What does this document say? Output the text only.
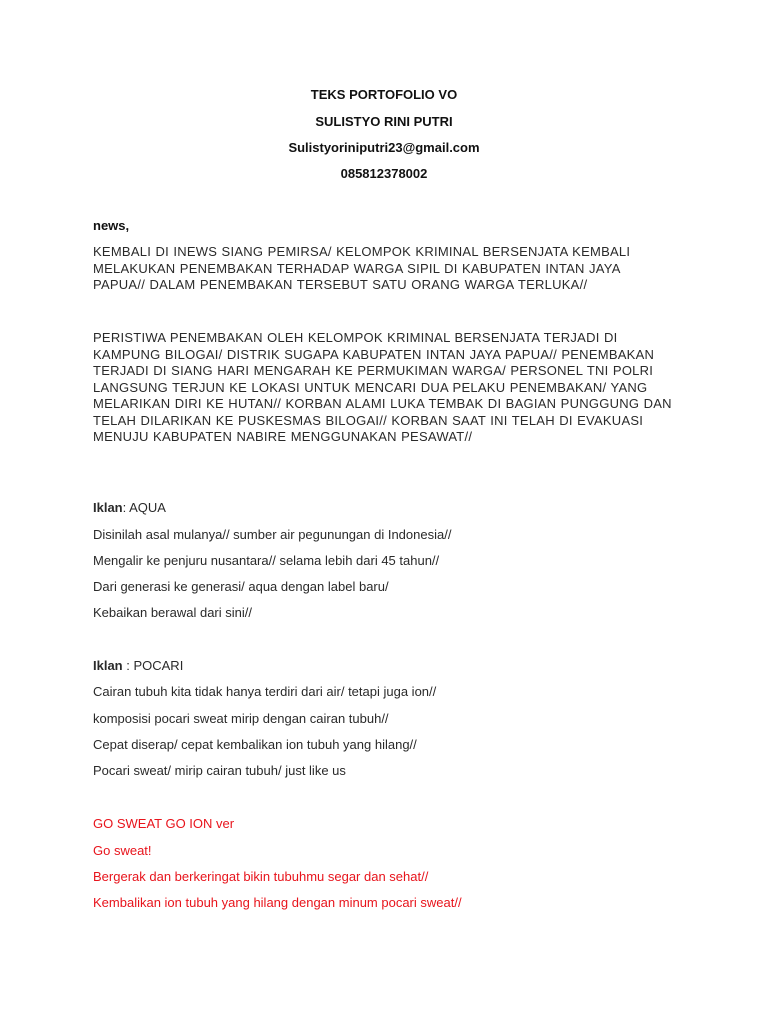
TEKS PORTOFOLIO VO
SULISTYO RINI PUTRI
Sulistyoriniputri23@gmail.com
085812378002
news,
KEMBALI DI INEWS SIANG PEMIRSA/ KELOMPOK KRIMINAL BERSENJATA KEMBALI MELAKUKAN PENEMBAKAN TERHADAP WARGA SIPIL DI KABUPATEN INTAN JAYA PAPUA// DALAM PENEMBAKAN TERSEBUT SATU ORANG WARGA TERLUKA//
PERISTIWA PENEMBAKAN OLEH KELOMPOK KRIMINAL BERSENJATA TERJADI DI KAMPUNG BILOGAI/ DISTRIK SUGAPA KABUPATEN INTAN JAYA PAPUA// PENEMBAKAN TERJADI DI SIANG HARI MENGARAH KE PERMUKIMAN WARGA/ PERSONEL TNI POLRI LANGSUNG TERJUN KE LOKASI UNTUK MENCARI DUA PELAKU PENEMBAKAN/ YANG MELARIKAN DIRI KE HUTAN// KORBAN ALAMI LUKA TEMBAK DI BAGIAN PUNGGUNG DAN TELAH DILARIKAN KE PUSKESMAS BILOGAI// KORBAN SAAT INI TELAH DI EVAKUASI MENUJU KABUPATEN NABIRE MENGGUNAKAN PESAWAT//
Iklan: AQUA
Disinilah asal mulanya// sumber air pegunungan di Indonesia//
Mengalir ke penjuru nusantara// selama lebih dari 45 tahun//
Dari generasi ke generasi/ aqua dengan label baru/
Kebaikan berawal dari sini//
Iklan : POCARI
Cairan tubuh kita tidak hanya terdiri dari air/ tetapi juga ion//
komposisi pocari sweat mirip dengan cairan tubuh//
Cepat diserap/ cepat kembalikan ion tubuh yang hilang//
Pocari sweat/ mirip cairan tubuh/ just like us
GO SWEAT GO ION ver
Go sweat!
Bergerak dan berkeringat bikin tubuhmu segar dan sehat//
Kembalikan ion tubuh yang hilang dengan minum pocari sweat//
